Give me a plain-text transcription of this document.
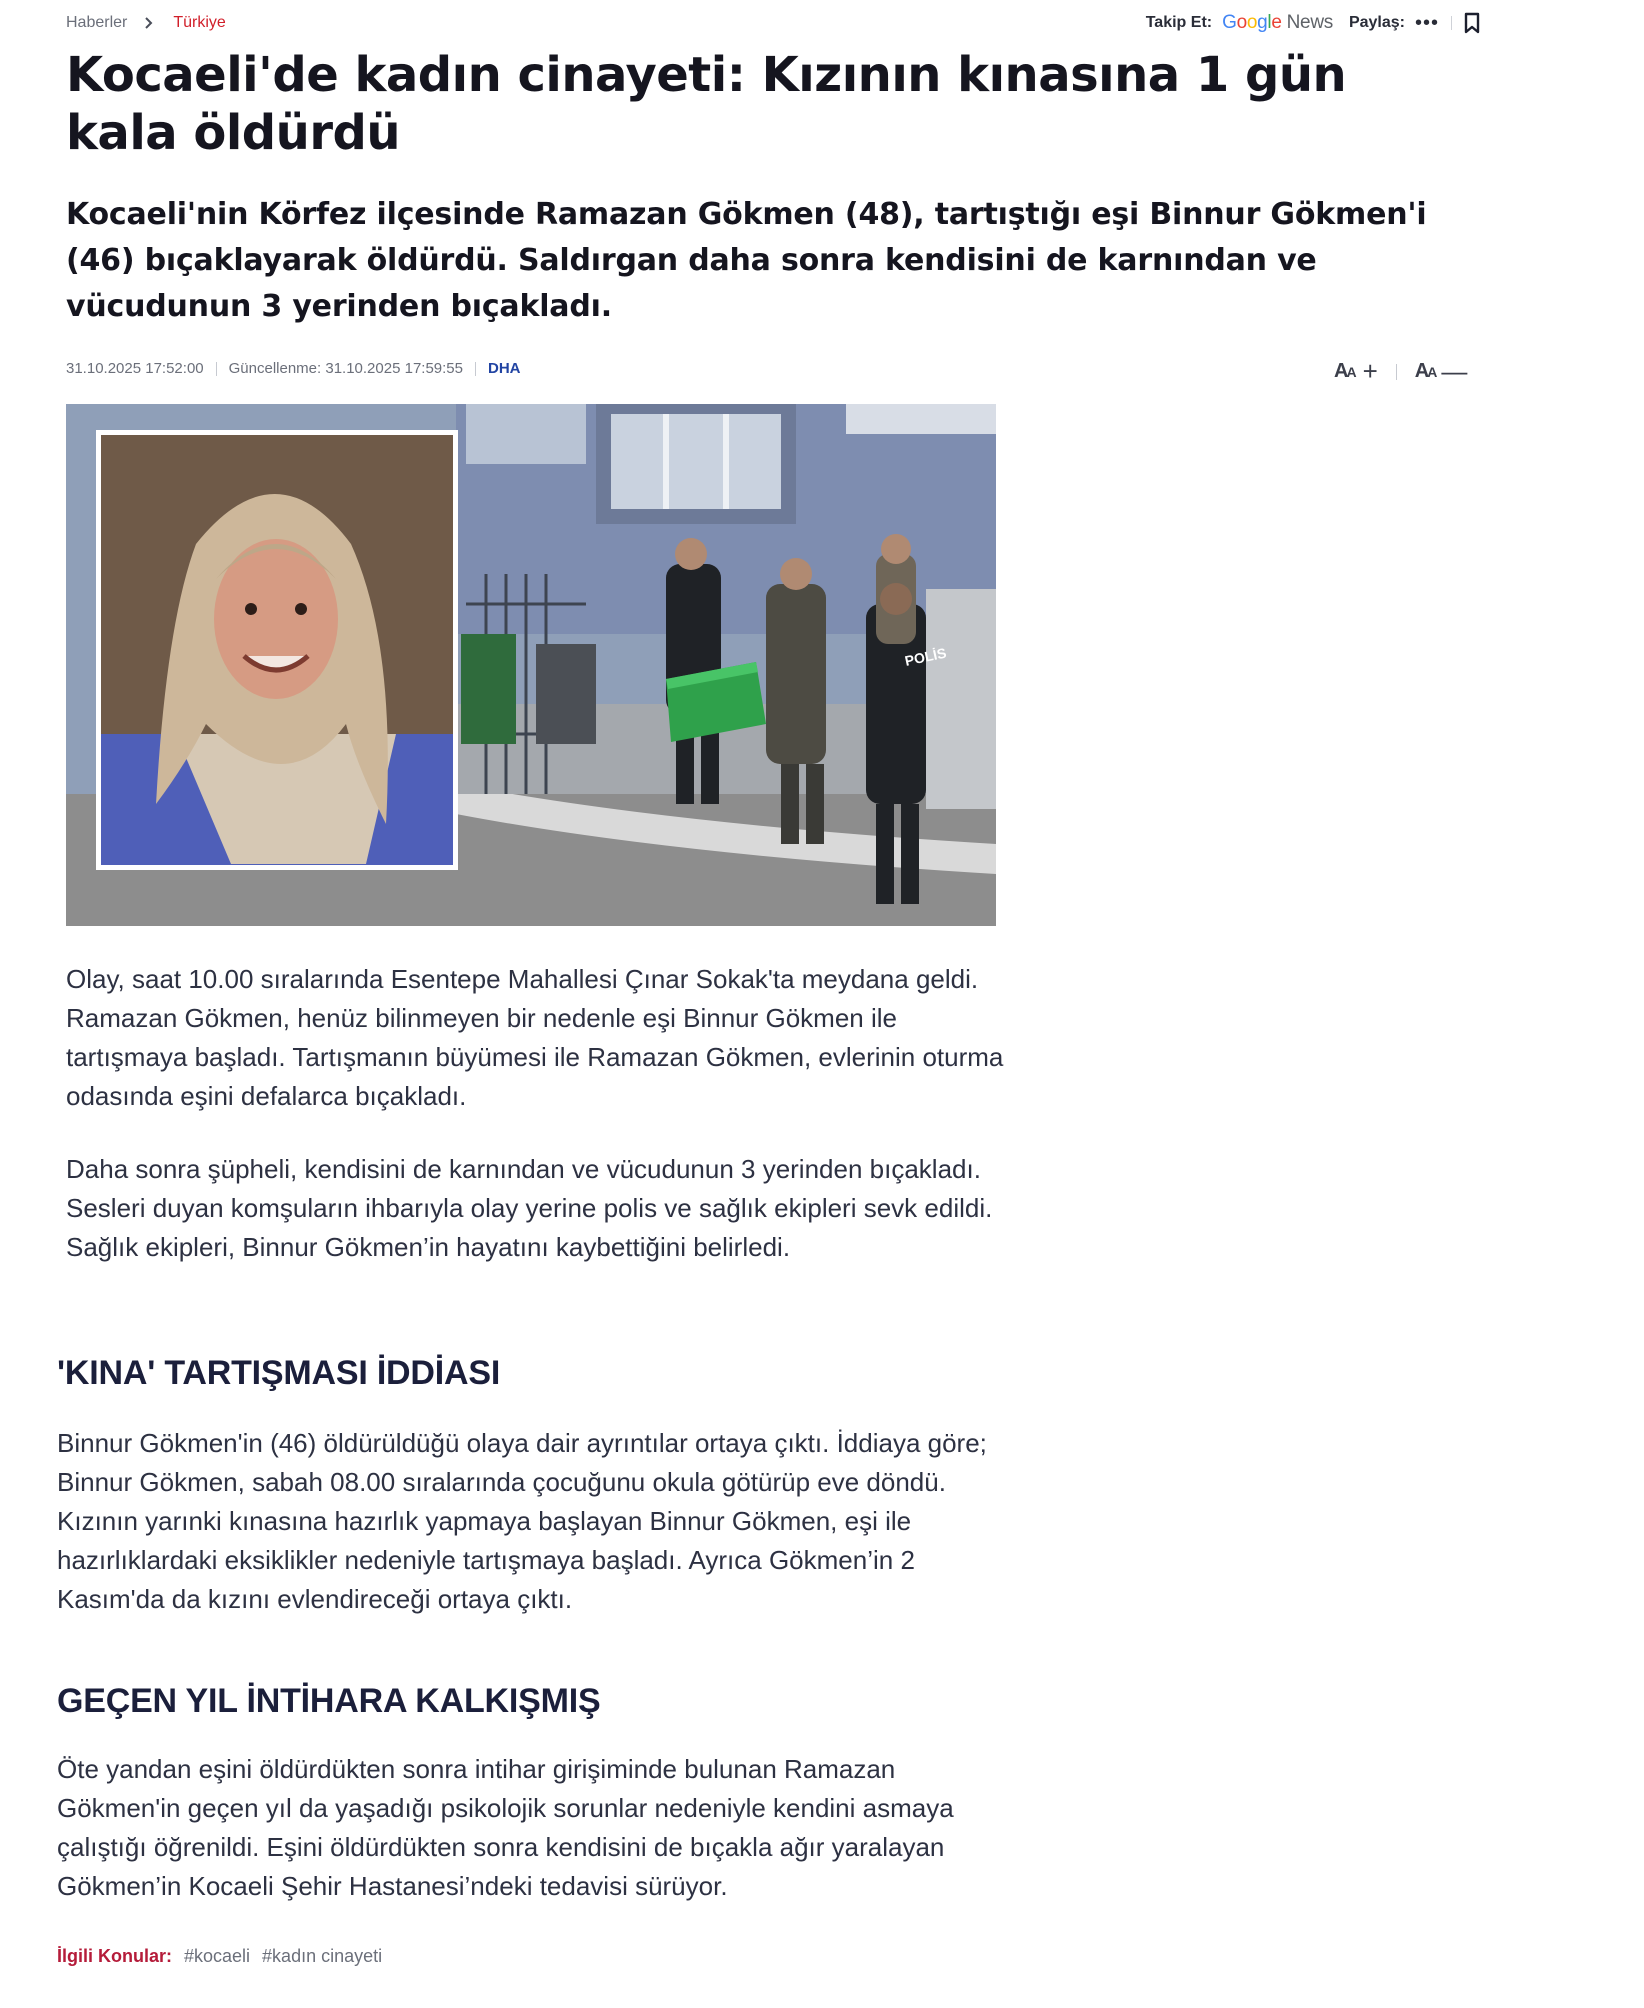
Haberler	Türkiye	Takip Et: Google News Paylaş: •••
Kocaeli'de kadın cinayeti: Kızının kınasına 1 gün kala öldürdü
Kocaeli'nin Körfez ilçesinde Ramazan Gökmen (48), tartıştığı eşi Binnur Gökmen'i (46) bıçaklayarak öldürdü. Saldırgan daha sonra kendisini de karnından ve vücudunun 3 yerinden bıçakladı.
31.10.2025 17:52:00 Güncellenme: 31.10.2025 17:59:55 DHA	AA + AA —
POLİS

Olay, saat 10.00 sıralarında Esentepe Mahallesi Çınar Sokak'ta meydana geldi. Ramazan Gökmen, henüz bilinmeyen bir nedenle eşi Binnur Gökmen ile tartışmaya başladı. Tartışmanın büyümesi ile Ramazan Gökmen, evlerinin oturma odasında eşini defalarca bıçakladı.

Daha sonra şüpheli, kendisini de karnından ve vücudunun 3 yerinden bıçakladı. Sesleri duyan komşuların ihbarıyla olay yerine polis ve sağlık ekipleri sevk edildi. Sağlık ekipleri, Binnur Gökmen’in hayatını kaybettiğini belirledi.

'KINA' TARTIŞMASI İDDİASI

Binnur Gökmen'in (46) öldürüldüğü olaya dair ayrıntılar ortaya çıktı. İddiaya göre; Binnur Gökmen, sabah 08.00 sıralarında çocuğunu okula götürüp eve döndü. Kızının yarınki kınasına hazırlık yapmaya başlayan Binnur Gökmen, eşi ile hazırlıklardaki eksiklikler nedeniyle tartışmaya başladı. Ayrıca Gökmen’in 2 Kasım'da da kızını evlendireceği ortaya çıktı.

GEÇEN YIL İNTİHARA KALKIŞMIŞ

Öte yandan eşini öldürdükten sonra intihar girişiminde bulunan Ramazan Gökmen'in geçen yıl da yaşadığı psikolojik sorunlar nedeniyle kendini asmaya çalıştığı öğrenildi. Eşini öldürdükten sonra kendisini de bıçakla ağır yaralayan Gökmen’in Kocaeli Şehir Hastanesi’ndeki tedavisi sürüyor.

İlgili Konular: #kocaeli #kadın cinayeti
